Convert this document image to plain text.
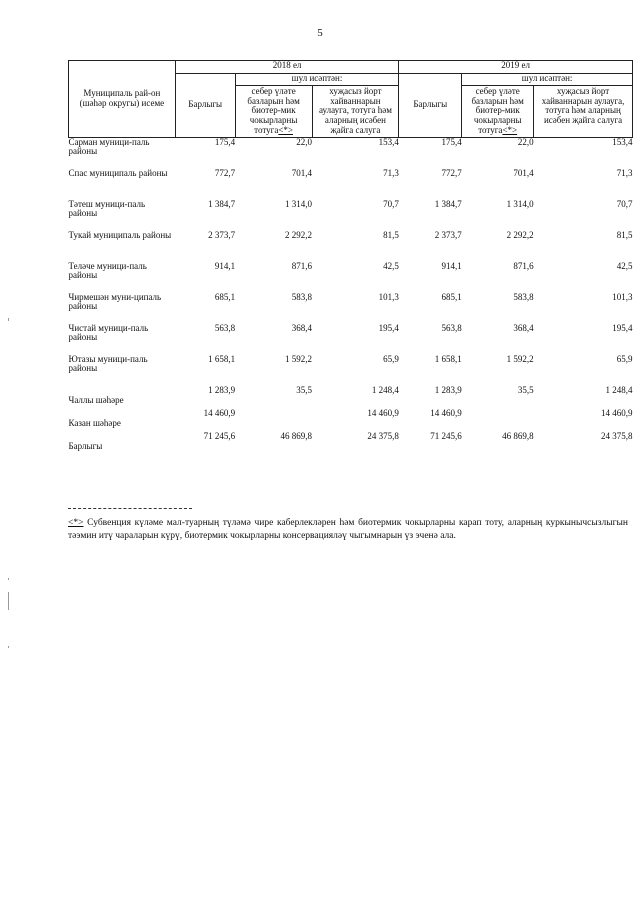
5
Муниципаль рай-он (шәһәр округы) исеме	2018 ел			2019 ел		
	Барлыгы	шул исәптән:		Барлыгы	шул исәптән:	
		себер үләте базларын һәм биотер-мик чокырларны тотуга<*>	хуҗасыз йорт хайваннарын аулауга, тотуга һәм аларның исәбен җайга салуга		себер үләте базларын һәм биотер-мик чокырларны тотуга<*>	хуҗасыз йорт хайваннарын аулауга, тотуга һәм аларның исәбен җайга салуга
Сарман муници-паль районы	175,4	22,0	153,4	175,4	22,0	153,4
Спас муниципаль районы	772,7	701,4	71,3	772,7	701,4	71,3
Тәтеш муници-паль районы	1 384,7	1 314,0	70,7	1 384,7	1 314,0	70,7
Тукай муниципаль районы	2 373,7	2 292,2	81,5	2 373,7	2 292,2	81,5
Теләче муници-паль районы	914,1	871,6	42,5	914,1	871,6	42,5
Чирмешән муни-ципаль районы	685,1	583,8	101,3	685,1	583,8	101,3
Чистай муници-паль районы	563,8	368,4	195,4	563,8	368,4	195,4
Ютазы муници-паль районы	1 658,1	1 592,2	65,9	1 658,1	1 592,2	65,9
Чаллы шәһәре	1 283,9	35,5	1 248,4	1 283,9	35,5	1 248,4
Казан шәһәре	14 460,9		14 460,9	14 460,9		14 460,9
Барлыгы	71 245,6	46 869,8	24 375,8	71 245,6	46 869,8	24 375,8
<*> Субвенция күләме мал-туарның түләмә чире каберлекләрен һәм биотермик чокырларны карап тоту, аларның куркынычсызлыгын тәэмин итү чараларын күрү, биотермик чокырларны консервацияләү чыгымнарын үз эченә ала.
